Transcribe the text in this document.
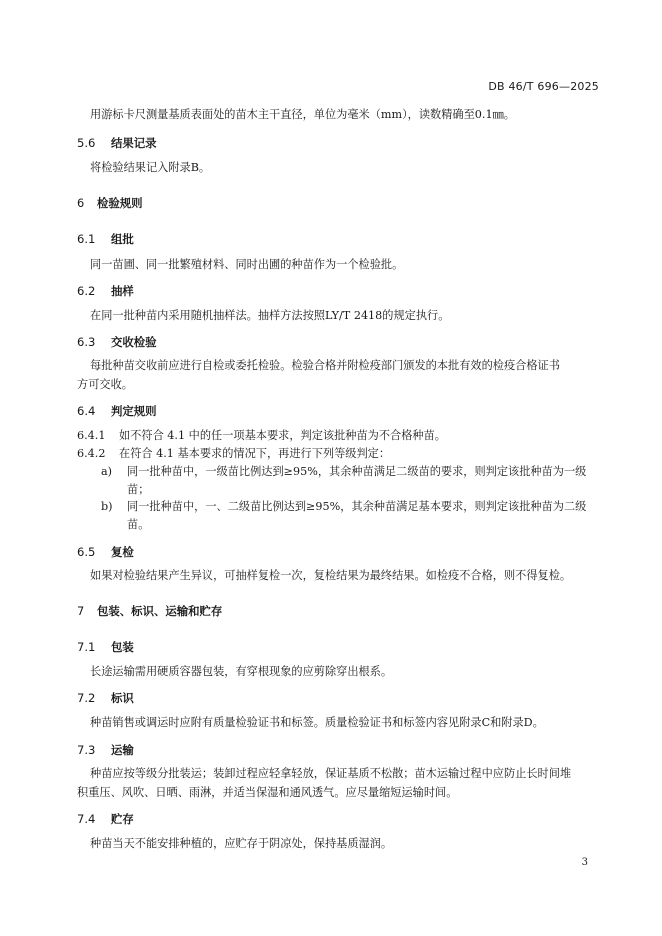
DB 46/T 696—2025
用游标卡尺测量基质表面处的苗木主干直径，单位为毫米（mm），读数精确至0.1㎜。
5.6 结果记录
将检验结果记入附录B。
6 检验规则
6.1 组批
同一苗圃、同一批繁殖材料、同时出圃的种苗作为一个检验批。
6.2 抽样
在同一批种苗内采用随机抽样法。抽样方法按照LY/T 2418的规定执行。
6.3 交收检验
每批种苗交收前应进行自检或委托检验。检验合格并附检疫部门颁发的本批有效的检疫合格证书
方可交收。
6.4 判定规则
6.4.1 如不符合 4.1 中的任一项基本要求，判定该批种苗为不合格种苗。
6.4.2 在符合 4.1 基本要求的情况下，再进行下列等级判定：
a) 同一批种苗中，一级苗比例达到≥95%，其余种苗满足二级苗的要求，则判定该批种苗为一级
苗；
b) 同一批种苗中，一、二级苗比例达到≥95%，其余种苗满足基本要求，则判定该批种苗为二级
苗。
6.5 复检
如果对检验结果产生异议，可抽样复检一次，复检结果为最终结果。如检疫不合格，则不得复检。
7 包装、标识、运输和贮存
7.1 包装
长途运输需用硬质容器包装，有穿根现象的应剪除穿出根系。
7.2 标识
种苗销售或调运时应附有质量检验证书和标签。质量检验证书和标签内容见附录C和附录D。
7.3 运输
种苗应按等级分批装运；装卸过程应轻拿轻放，保证基质不松散；苗木运输过程中应防止长时间堆
积重压、风吹、日晒、雨淋，并适当保湿和通风透气。应尽量缩短运输时间。
7.4 贮存
种苗当天不能安排种植的，应贮存于阴凉处，保持基质湿润。
3
